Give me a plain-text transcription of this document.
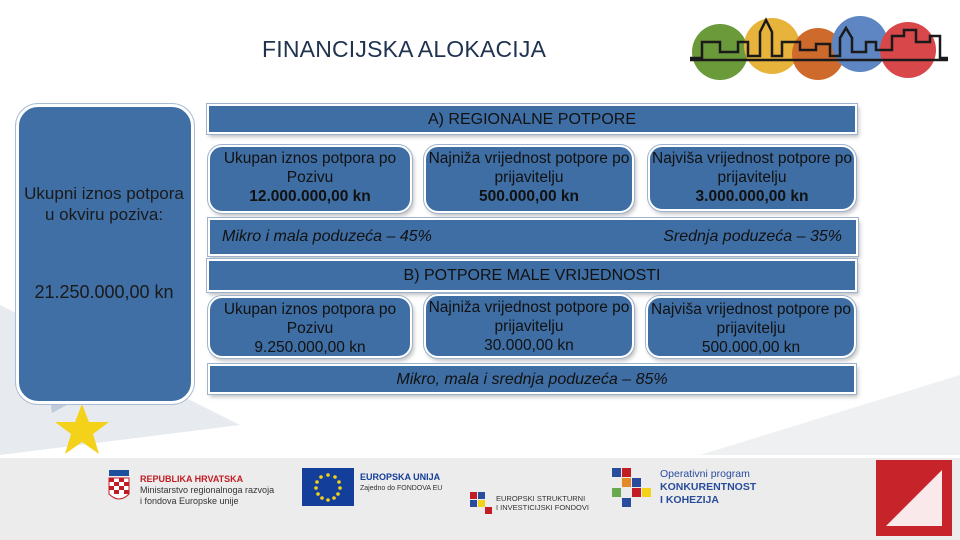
FINANCIJSKA ALOKACIJA
Ukupni iznos potpora u okviru poziva:
21.250.000,00 kn
A) REGIONALNE POTPORE
Ukupan iznos potpora po Pozivu
12.000.000,00 kn
Najniža vrijednost potpore po prijavitelju
500.000,00 kn
Najviša vrijednost potpore po prijavitelju
3.000.000,00 kn
Mikro i mala poduzeća – 45%	Srednja poduzeća – 35%
B) POTPORE MALE VRIJEDNOSTI
Ukupan iznos potpora po Pozivu
9.250.000,00 kn
Najniža vrijednost potpore po prijavitelju
30.000,00 kn
Najviša vrijednost potpore po prijavitelju
500.000,00 kn
Mikro, mala i srednja poduzeća – 85%
REPUBLIKA HRVATSKA
Ministarstvo regionalnoga razvoja
i fondova Europske unije
EUROPSKA UNIJA
Zajedno do FONDOVA EU
EUROPSKI STRUKTURNI
I INVESTICIJSKI FONDOVI
Operativni program
KONKURENTNOST
I KOHEZIJA
